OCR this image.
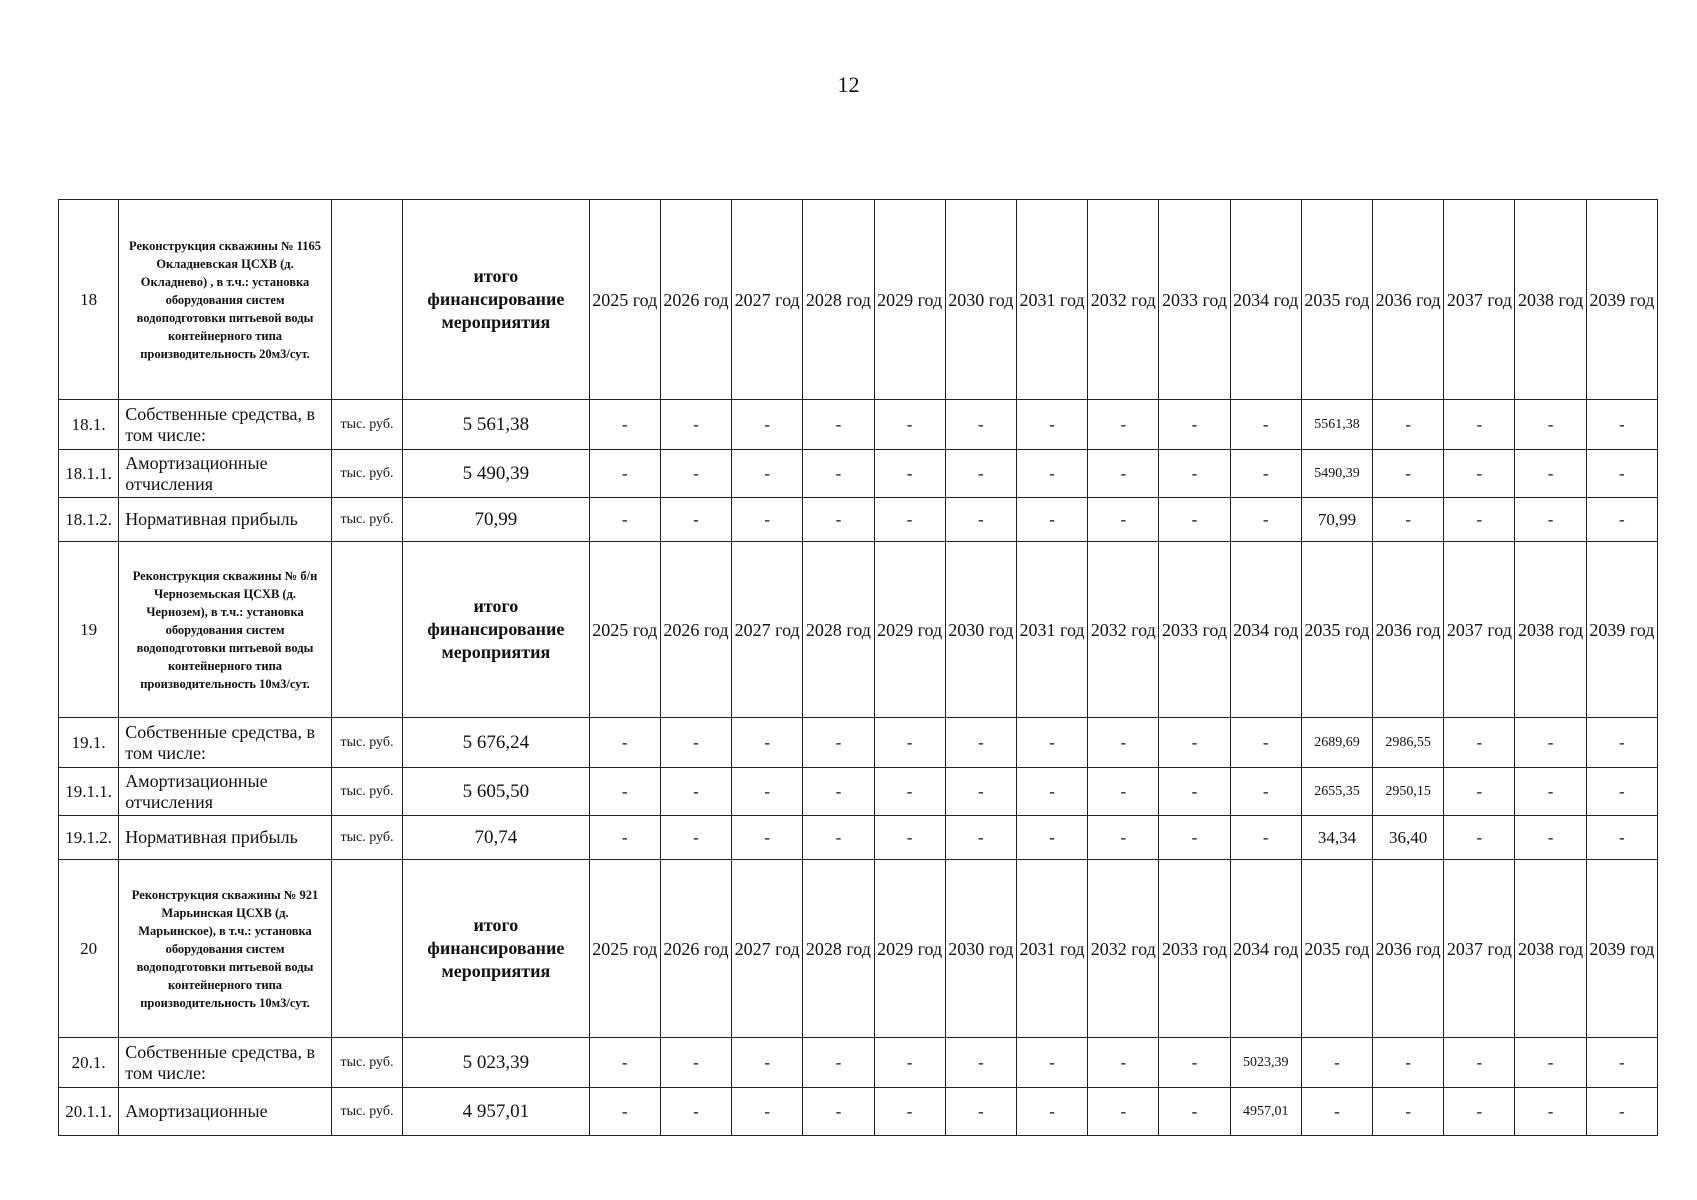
12
18	Реконструкция скважины № 1165 Окладневская ЦСХВ (д. Окладнево) , в т.ч.: установка оборудования систем водоподготовки питьевой воды контейнерного типа производительность 20м3/сут.		итого финансирование мероприятия	2025 год	2026 год	2027 год	2028 год	2029 год	2030 год	2031 год	2032 год	2033 год	2034 год	2035 год	2036 год	2037 год	2038 год	2039 год
18.1.	Собственные средства, в том числе:	тыс. руб.	5 561,38	-	-	-	-	-	-	-	-	-	-	5561,38	-	-	-	-
18.1.1.	Амортизационные отчисления	тыс. руб.	5 490,39	-	-	-	-	-	-	-	-	-	-	5490,39	-	-	-	-
18.1.2.	Нормативная прибыль	тыс. руб.	70,99	-	-	-	-	-	-	-	-	-	-	70,99	-	-	-	-
19	Реконструкция скважины № б/н Черноземьская ЦСХВ (д. Чернозем), в т.ч.: установка оборудования систем водоподготовки питьевой воды контейнерного типа производительность 10м3/сут.		итого финансирование мероприятия	2025 год	2026 год	2027 год	2028 год	2029 год	2030 год	2031 год	2032 год	2033 год	2034 год	2035 год	2036 год	2037 год	2038 год	2039 год
19.1.	Собственные средства, в том числе:	тыс. руб.	5 676,24	-	-	-	-	-	-	-	-	-	-	2689,69	2986,55	-	-	-
19.1.1.	Амортизационные отчисления	тыс. руб.	5 605,50	-	-	-	-	-	-	-	-	-	-	2655,35	2950,15	-	-	-
19.1.2.	Нормативная прибыль	тыс. руб.	70,74	-	-	-	-	-	-	-	-	-	-	34,34	36,40	-	-	-
20	Реконструкция скважины № 921 Марьинская ЦСХВ (д. Марьинское), в т.ч.: установка оборудования систем водоподготовки питьевой воды контейнерного типа производительность 10м3/сут.		итого финансирование мероприятия	2025 год	2026 год	2027 год	2028 год	2029 год	2030 год	2031 год	2032 год	2033 год	2034 год	2035 год	2036 год	2037 год	2038 год	2039 год
20.1.	Собственные средства, в том числе:	тыс. руб.	5 023,39	-	-	-	-	-	-	-	-	-	5023,39	-	-	-	-	-
20.1.1.	Амортизационные	тыс. руб.	4 957,01	-	-	-	-	-	-	-	-	-	4957,01	-	-	-	-	-
